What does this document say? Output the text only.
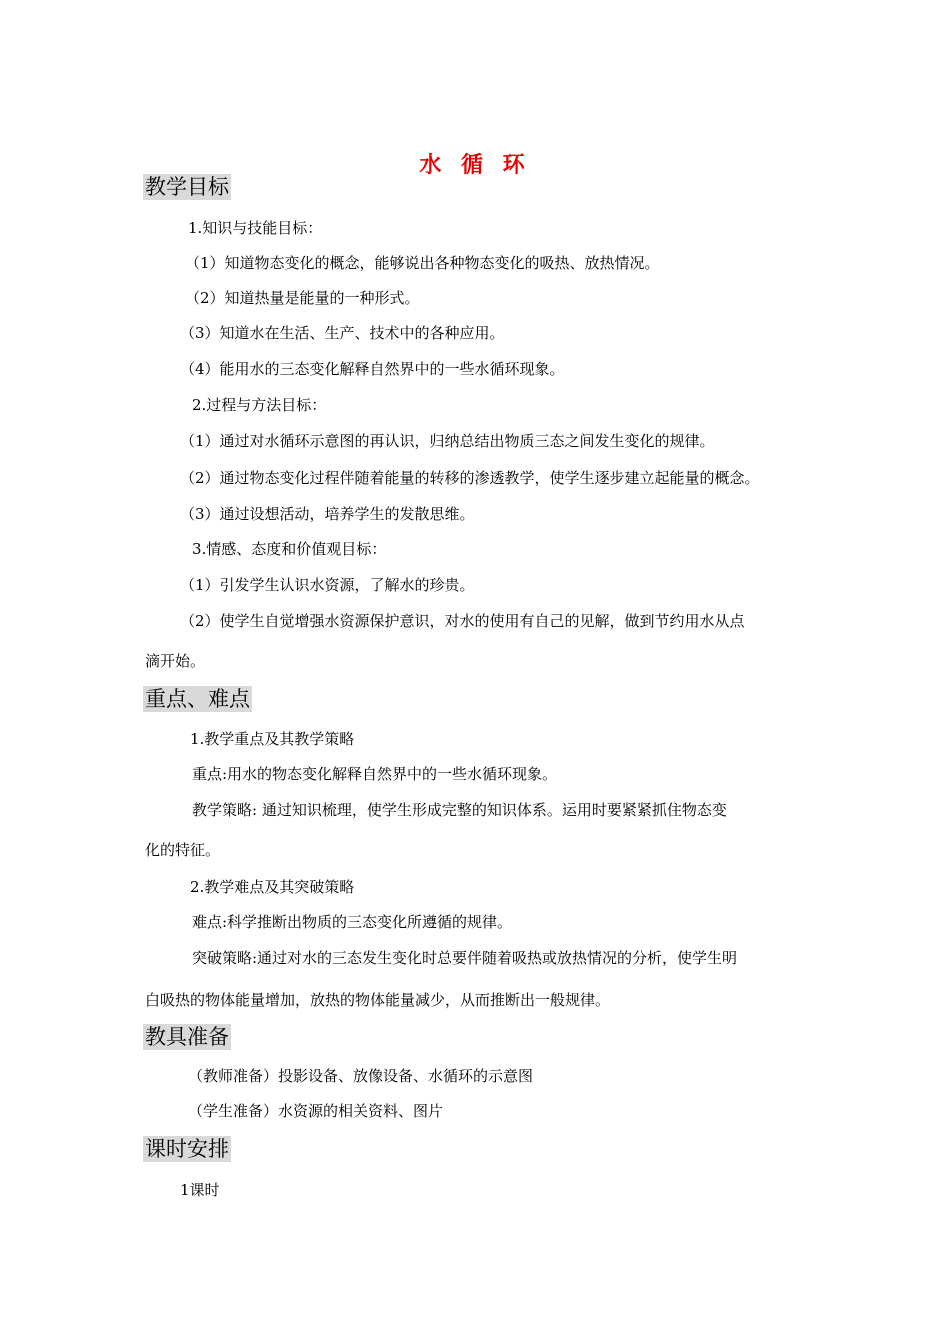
水 循 环
教学目标
1.知识与技能目标：
（1）知道物态变化的概念，能够说出各种物态变化的吸热、放热情况。
（2）知道热量是能量的一种形式。
（3）知道水在生活、生产、技术中的各种应用。
（4）能用水的三态变化解释自然界中的一些水循环现象。
2.过程与方法目标：
（1）通过对水循环示意图的再认识，归纳总结出物质三态之间发生变化的规律。
（2）通过物态变化过程伴随着能量的转移的渗透教学，使学生逐步建立起能量的概念。
（3）通过设想活动，培养学生的发散思维。
3.情感、态度和价值观目标：
（1）引发学生认识水资源，了解水的珍贵。
（2）使学生自觉增强水资源保护意识，对水的使用有自己的见解，做到节约用水从点
滴开始。
重点、难点
1.教学重点及其教学策略
重点:用水的物态变化解释自然界中的一些水循环现象。
教学策略: 通过知识梳理，使学生形成完整的知识体系。运用时要紧紧抓住物态变
化的特征。
2.教学难点及其突破策略
难点:科学推断出物质的三态变化所遵循的规律。
突破策略:通过对水的三态发生变化时总要伴随着吸热或放热情况的分析，使学生明
白吸热的物体能量增加，放热的物体能量减少，从而推断出一般规律。
教具准备
（教师准备）投影设备、放像设备、水循环的示意图
（学生准备）水资源的相关资料、图片
课时安排
1课时
